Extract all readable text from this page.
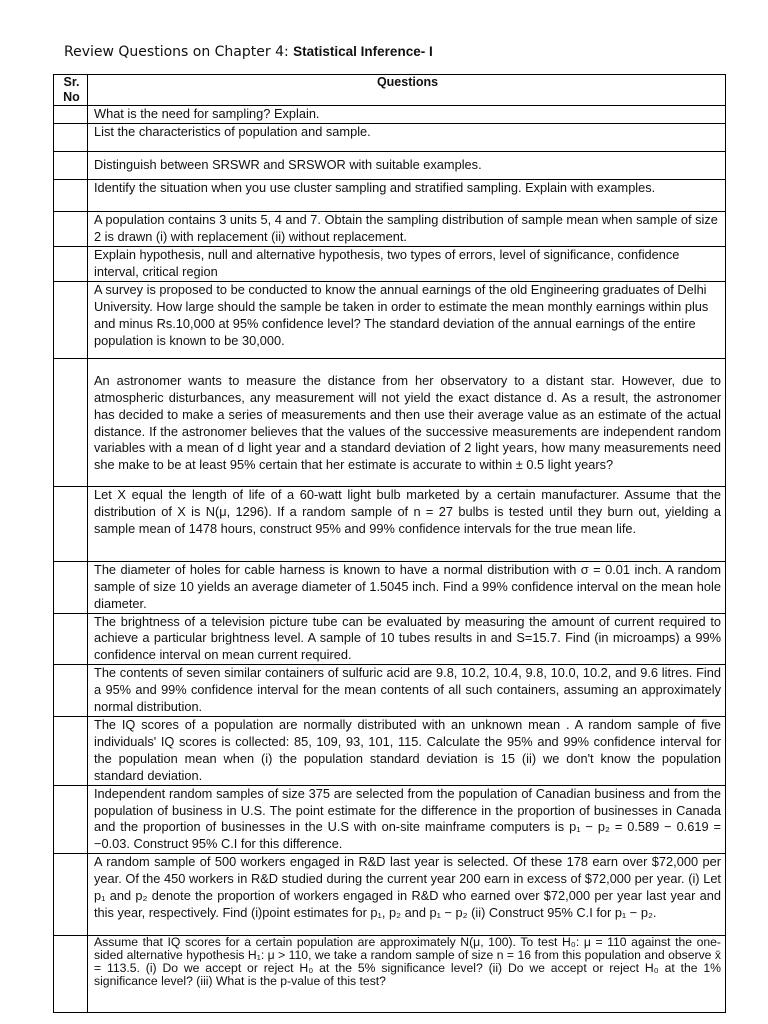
Review Questions on Chapter 4: Statistical Inference- I
Sr. No	Questions
	What is the need for sampling? Explain.
	List the characteristics of population and sample.
	Distinguish between SRSWR and SRSWOR with suitable examples.
	Identify the situation when you use cluster sampling and stratified sampling. Explain with examples.
	A population contains 3 units 5, 4 and 7. Obtain the sampling distribution of sample mean when sample of size 2 is drawn (i) with replacement (ii) without replacement.
	Explain hypothesis, null and alternative hypothesis, two types of errors, level of significance, confidence interval, critical region
	A survey is proposed to be conducted to know the annual earnings of the old Engineering graduates of Delhi University. How large should the sample be taken in order to estimate the mean monthly earnings within plus and minus Rs.10,000 at 95% confidence level? The standard deviation of the annual earnings of the entire population is known to be 30,000.
	An astronomer wants to measure the distance from her observatory to a distant star. However, due to atmospheric disturbances, any measurement will not yield the exact distance d. As a result, the astronomer has decided to make a series of measurements and then use their average value as an estimate of the actual distance. If the astronomer believes that the values of the successive measurements are independent random variables with a mean of d light year and a standard deviation of 2 light years, how many measurements need she make to be at least 95% certain that her estimate is accurate to within ± 0.5 light years?
	Let X equal the length of life of a 60-watt light bulb marketed by a certain manufacturer. Assume that the distribution of X is N(μ, 1296). If a random sample of n = 27 bulbs is tested until they burn out, yielding a sample mean of 1478 hours, construct 95% and 99% confidence intervals for the true mean life.
	The diameter of holes for cable harness is known to have a normal distribution with σ = 0.01 inch. A random sample of size 10 yields an average diameter of 1.5045 inch. Find a 99% confidence interval on the mean hole diameter.
	The brightness of a television picture tube can be evaluated by measuring the amount of current required to achieve a particular brightness level. A sample of 10 tubes results in and S=15.7. Find (in microamps) a 99% confidence interval on mean current required.
	The contents of seven similar containers of sulfuric acid are 9.8, 10.2, 10.4, 9.8, 10.0, 10.2, and 9.6 litres. Find a 95% and 99% confidence interval for the mean contents of all such containers, assuming an approximately normal distribution.
	The IQ scores of a population are normally distributed with an unknown mean . A random sample of five individuals' IQ scores is collected: 85, 109, 93, 101, 115. Calculate the 95% and 99% confidence interval for the population mean when (i) the population standard deviation is 15 (ii) we don't know the population standard deviation.
	Independent random samples of size 375 are selected from the population of Canadian business and from the population of business in U.S. The point estimate for the difference in the proportion of businesses in Canada and the proportion of businesses in the U.S with on-site mainframe computers is p₁ − p₂ = 0.589 − 0.619 = −0.03. Construct 95% C.I for this difference.
	A random sample of 500 workers engaged in R&D last year is selected. Of these 178 earn over $72,000 per year. Of the 450 workers in R&D studied during the current year 200 earn in excess of $72,000 per year. (i) Let p₁ and p₂ denote the proportion of workers engaged in R&D who earned over $72,000 per year last year and this year, respectively. Find (i)point estimates for p₁, p₂ and p₁ − p₂ (ii) Construct 95% C.I for p₁ − p₂.
	Assume that IQ scores for a certain population are approximately N(μ, 100). To test H₀: μ = 110 against the one-sided alternative hypothesis H₁: μ > 110, we take a random sample of size n = 16 from this population and observe x̄ = 113.5. (i) Do we accept or reject H₀ at the 5% significance level? (ii) Do we accept or reject H₀ at the 1% significance level? (iii) What is the p-value of this test?
